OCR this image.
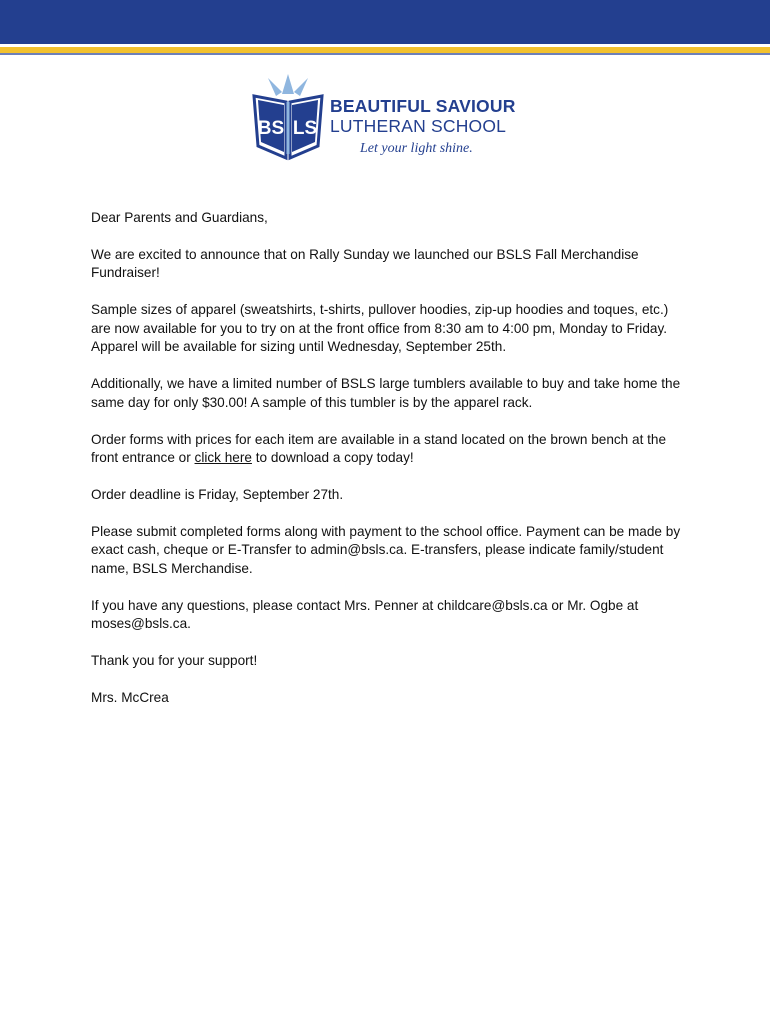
BS LS
BEAUTIFUL SAVIOUR
LUTHERAN SCHOOL
Let your light shine.

Dear Parents and Guardians,

We are excited to announce that on Rally Sunday we launched our BSLS Fall Merchandise Fundraiser!

Sample sizes of apparel (sweatshirts, t-shirts, pullover hoodies, zip-up hoodies and toques, etc.) are now available for you to try on at the front office from 8:30 am to 4:00 pm, Monday to Friday. Apparel will be available for sizing until Wednesday, September 25th.

Additionally, we have a limited number of BSLS large tumblers available to buy and take home the same day for only $30.00! A sample of this tumbler is by the apparel rack.

Order forms with prices for each item are available in a stand located on the brown bench at the front entrance or click here to download a copy today!

Order deadline is Friday, September 27th.

Please submit completed forms along with payment to the school office. Payment can be made by exact cash, cheque or E-Transfer to admin@bsls.ca. E-transfers, please indicate family/student name, BSLS Merchandise.

If you have any questions, please contact Mrs. Penner at childcare@bsls.ca or Mr. Ogbe at moses@bsls.ca.

Thank you for your support!

Mrs. McCrea
